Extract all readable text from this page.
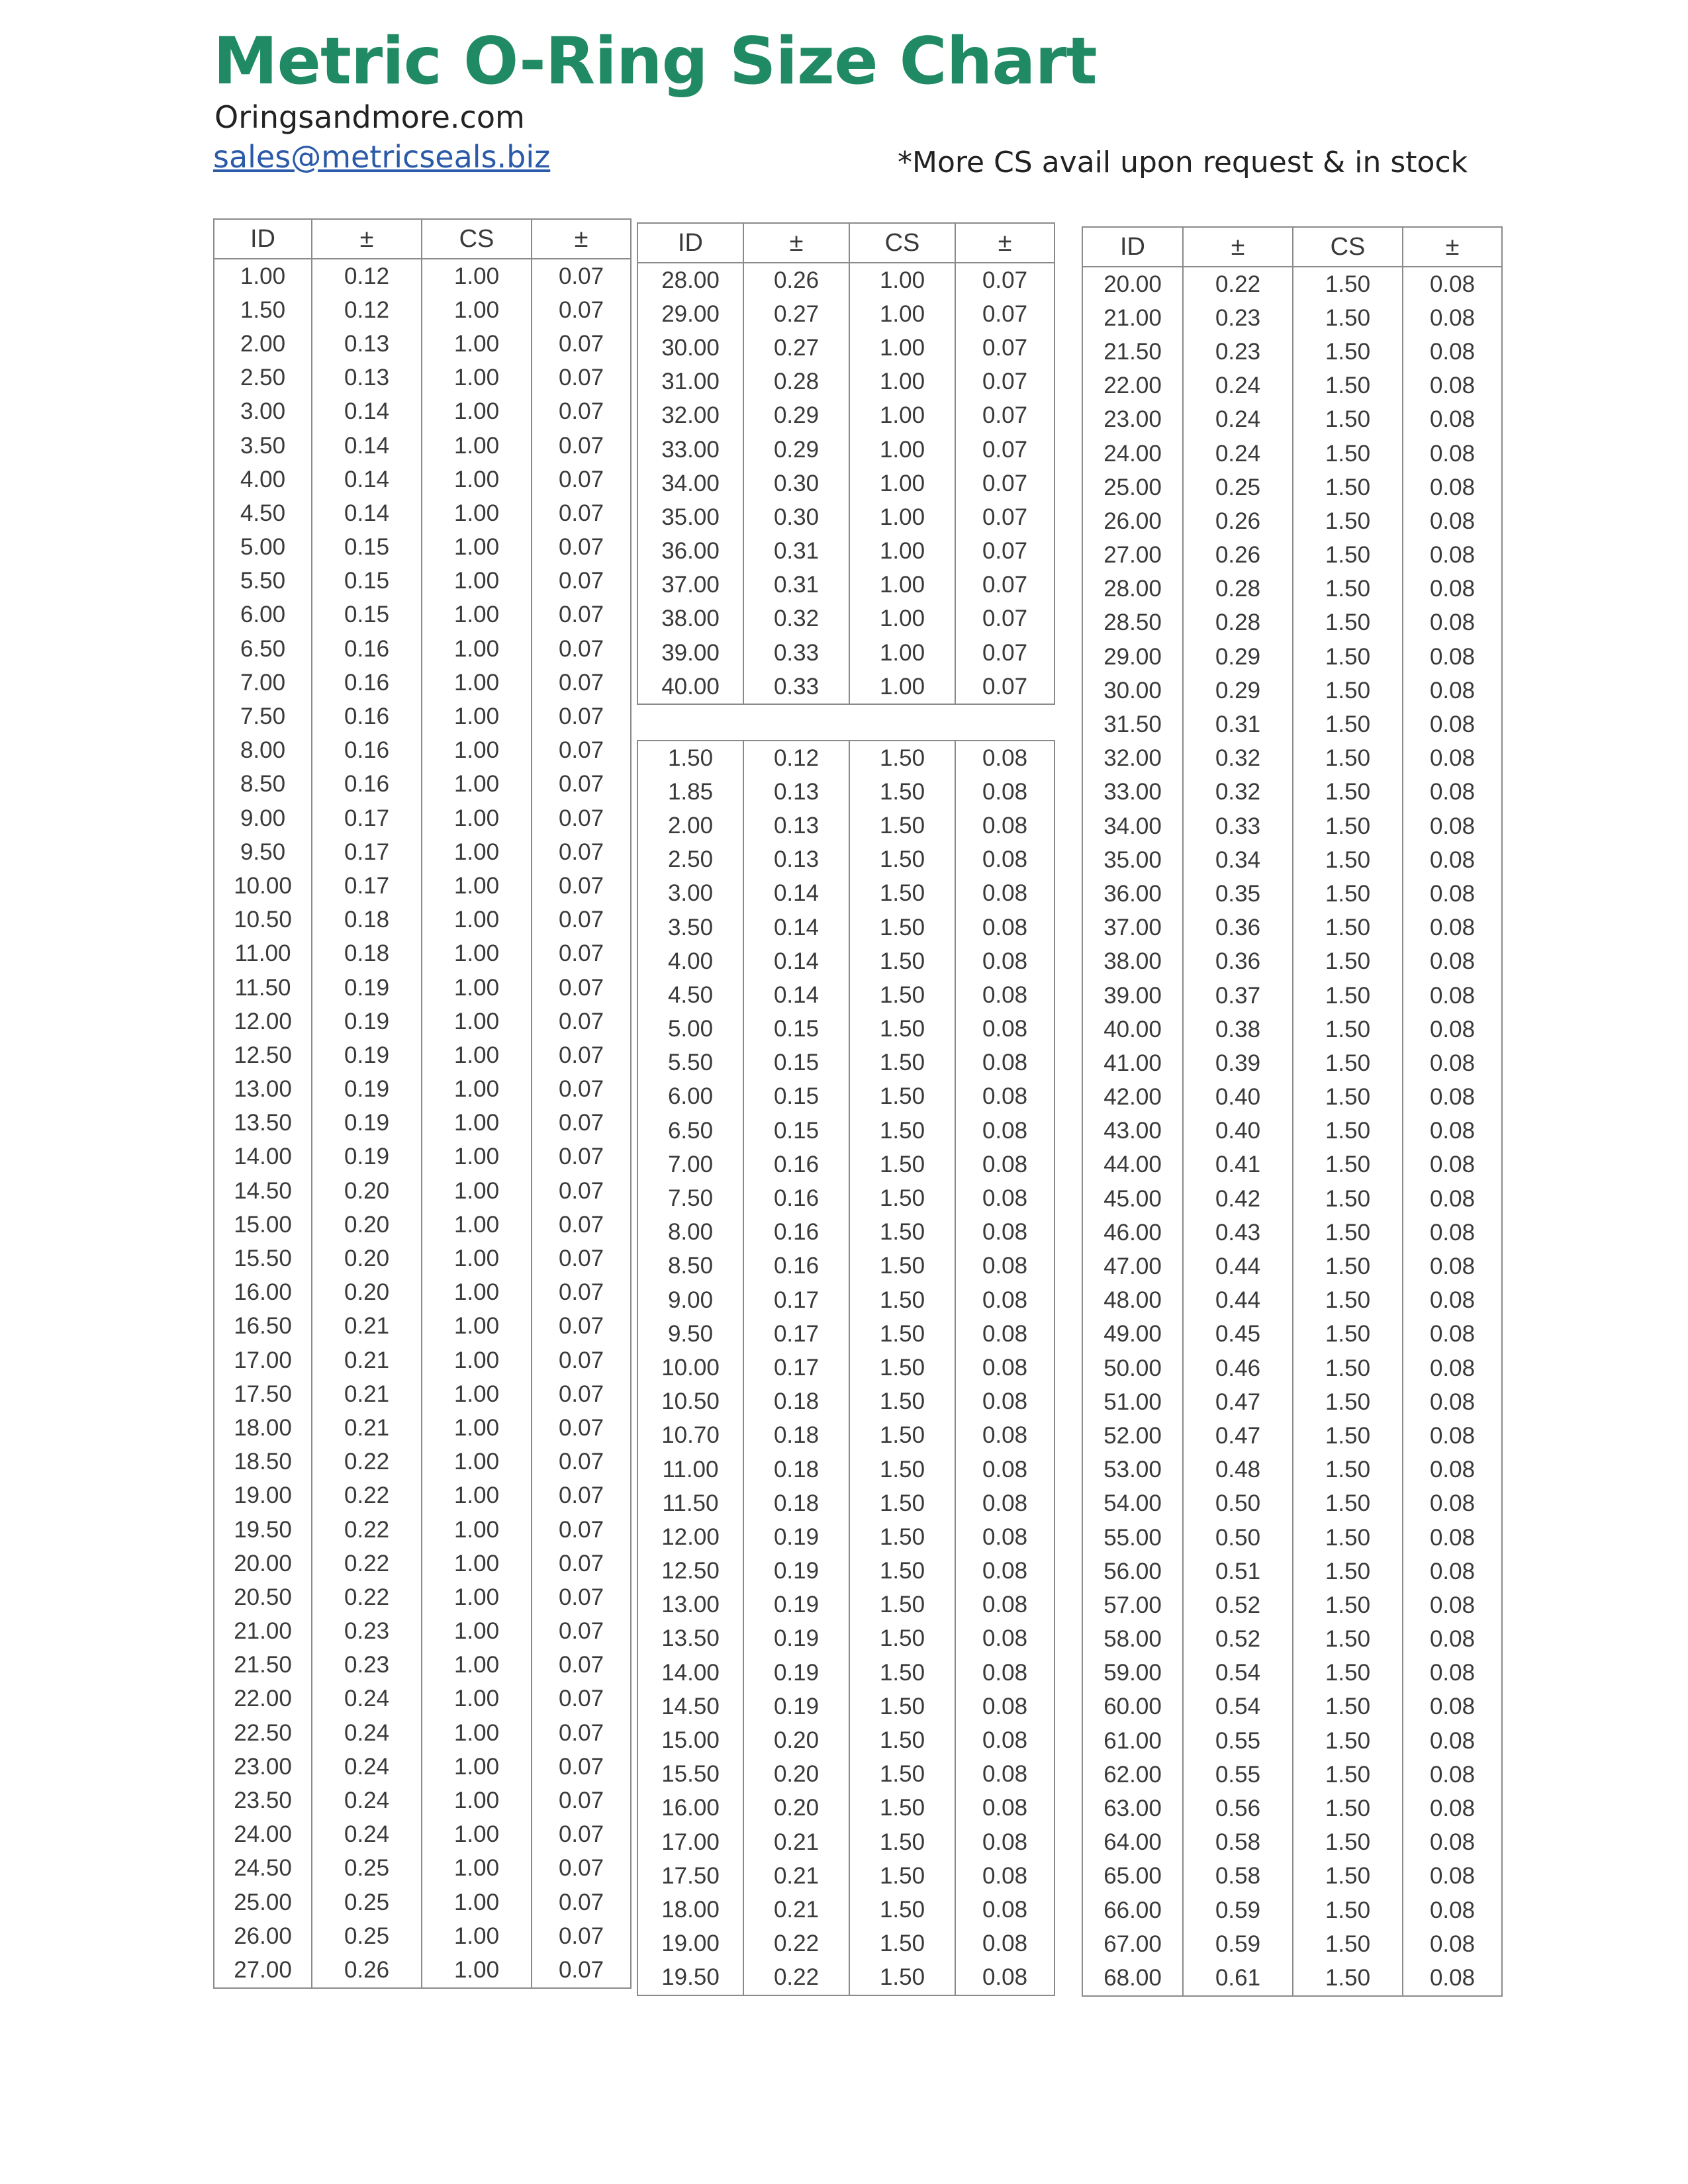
Metric O-Ring Size Chart
Oringsandmore.com
sales@metricseals.biz	*More CS avail upon request & in stock
ID	±	CS	±
1.00	0.12	1.00	0.07
1.50	0.12	1.00	0.07
2.00	0.13	1.00	0.07
2.50	0.13	1.00	0.07
3.00	0.14	1.00	0.07
3.50	0.14	1.00	0.07
4.00	0.14	1.00	0.07
4.50	0.14	1.00	0.07
5.00	0.15	1.00	0.07
5.50	0.15	1.00	0.07
6.00	0.15	1.00	0.07
6.50	0.16	1.00	0.07
7.00	0.16	1.00	0.07
7.50	0.16	1.00	0.07
8.00	0.16	1.00	0.07
8.50	0.16	1.00	0.07
9.00	0.17	1.00	0.07
9.50	0.17	1.00	0.07
10.00	0.17	1.00	0.07
10.50	0.18	1.00	0.07
11.00	0.18	1.00	0.07
11.50	0.19	1.00	0.07
12.00	0.19	1.00	0.07
12.50	0.19	1.00	0.07
13.00	0.19	1.00	0.07
13.50	0.19	1.00	0.07
14.00	0.19	1.00	0.07
14.50	0.20	1.00	0.07
15.00	0.20	1.00	0.07
15.50	0.20	1.00	0.07
16.00	0.20	1.00	0.07
16.50	0.21	1.00	0.07
17.00	0.21	1.00	0.07
17.50	0.21	1.00	0.07
18.00	0.21	1.00	0.07
18.50	0.22	1.00	0.07
19.00	0.22	1.00	0.07
19.50	0.22	1.00	0.07
20.00	0.22	1.00	0.07
20.50	0.22	1.00	0.07
21.00	0.23	1.00	0.07
21.50	0.23	1.00	0.07
22.00	0.24	1.00	0.07
22.50	0.24	1.00	0.07
23.00	0.24	1.00	0.07
23.50	0.24	1.00	0.07
24.00	0.24	1.00	0.07
24.50	0.25	1.00	0.07
25.00	0.25	1.00	0.07
26.00	0.25	1.00	0.07
27.00	0.26	1.00	0.07
ID	±	CS	±
28.00	0.26	1.00	0.07
29.00	0.27	1.00	0.07
30.00	0.27	1.00	0.07
31.00	0.28	1.00	0.07
32.00	0.29	1.00	0.07
33.00	0.29	1.00	0.07
34.00	0.30	1.00	0.07
35.00	0.30	1.00	0.07
36.00	0.31	1.00	0.07
37.00	0.31	1.00	0.07
38.00	0.32	1.00	0.07
39.00	0.33	1.00	0.07
40.00	0.33	1.00	0.07
1.50	0.12	1.50	0.08
1.85	0.13	1.50	0.08
2.00	0.13	1.50	0.08
2.50	0.13	1.50	0.08
3.00	0.14	1.50	0.08
3.50	0.14	1.50	0.08
4.00	0.14	1.50	0.08
4.50	0.14	1.50	0.08
5.00	0.15	1.50	0.08
5.50	0.15	1.50	0.08
6.00	0.15	1.50	0.08
6.50	0.15	1.50	0.08
7.00	0.16	1.50	0.08
7.50	0.16	1.50	0.08
8.00	0.16	1.50	0.08
8.50	0.16	1.50	0.08
9.00	0.17	1.50	0.08
9.50	0.17	1.50	0.08
10.00	0.17	1.50	0.08
10.50	0.18	1.50	0.08
10.70	0.18	1.50	0.08
11.00	0.18	1.50	0.08
11.50	0.18	1.50	0.08
12.00	0.19	1.50	0.08
12.50	0.19	1.50	0.08
13.00	0.19	1.50	0.08
13.50	0.19	1.50	0.08
14.00	0.19	1.50	0.08
14.50	0.19	1.50	0.08
15.00	0.20	1.50	0.08
15.50	0.20	1.50	0.08
16.00	0.20	1.50	0.08
17.00	0.21	1.50	0.08
17.50	0.21	1.50	0.08
18.00	0.21	1.50	0.08
19.00	0.22	1.50	0.08
19.50	0.22	1.50	0.08
ID	±	CS	±
20.00	0.22	1.50	0.08
21.00	0.23	1.50	0.08
21.50	0.23	1.50	0.08
22.00	0.24	1.50	0.08
23.00	0.24	1.50	0.08
24.00	0.24	1.50	0.08
25.00	0.25	1.50	0.08
26.00	0.26	1.50	0.08
27.00	0.26	1.50	0.08
28.00	0.28	1.50	0.08
28.50	0.28	1.50	0.08
29.00	0.29	1.50	0.08
30.00	0.29	1.50	0.08
31.50	0.31	1.50	0.08
32.00	0.32	1.50	0.08
33.00	0.32	1.50	0.08
34.00	0.33	1.50	0.08
35.00	0.34	1.50	0.08
36.00	0.35	1.50	0.08
37.00	0.36	1.50	0.08
38.00	0.36	1.50	0.08
39.00	0.37	1.50	0.08
40.00	0.38	1.50	0.08
41.00	0.39	1.50	0.08
42.00	0.40	1.50	0.08
43.00	0.40	1.50	0.08
44.00	0.41	1.50	0.08
45.00	0.42	1.50	0.08
46.00	0.43	1.50	0.08
47.00	0.44	1.50	0.08
48.00	0.44	1.50	0.08
49.00	0.45	1.50	0.08
50.00	0.46	1.50	0.08
51.00	0.47	1.50	0.08
52.00	0.47	1.50	0.08
53.00	0.48	1.50	0.08
54.00	0.50	1.50	0.08
55.00	0.50	1.50	0.08
56.00	0.51	1.50	0.08
57.00	0.52	1.50	0.08
58.00	0.52	1.50	0.08
59.00	0.54	1.50	0.08
60.00	0.54	1.50	0.08
61.00	0.55	1.50	0.08
62.00	0.55	1.50	0.08
63.00	0.56	1.50	0.08
64.00	0.58	1.50	0.08
65.00	0.58	1.50	0.08
66.00	0.59	1.50	0.08
67.00	0.59	1.50	0.08
68.00	0.61	1.50	0.08
